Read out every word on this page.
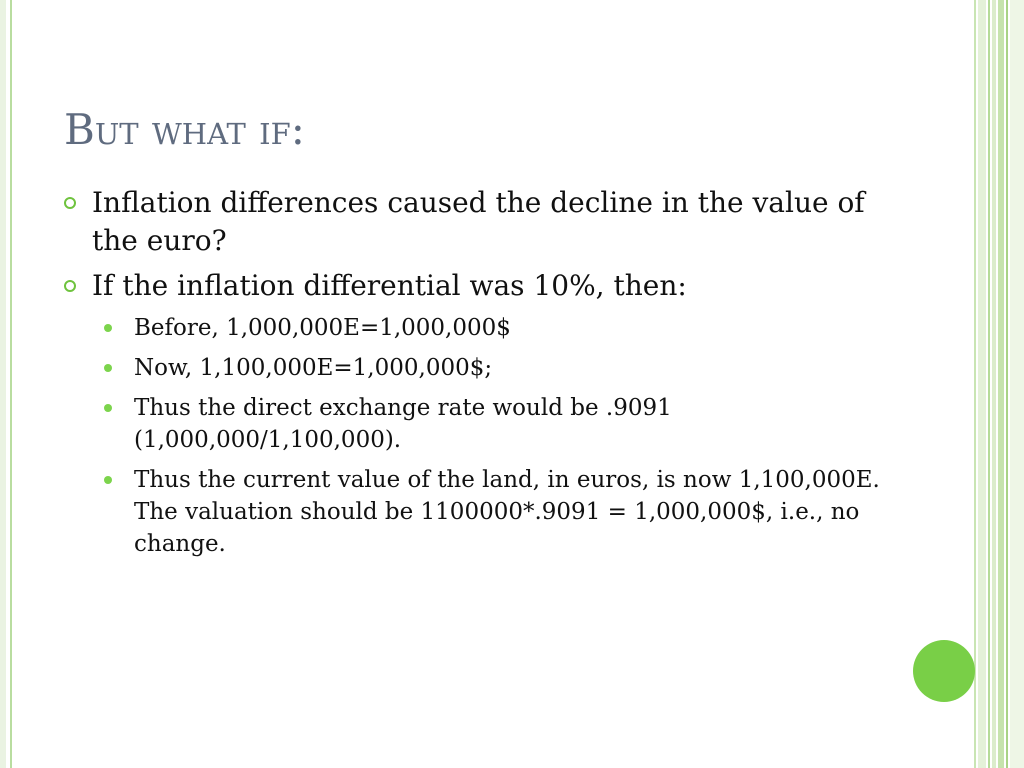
But what if:
Inflation differences caused the decline in the value of the euro?
If the inflation differential was 10%, then:
Before, 1,000,000E=1,000,000$
Now, 1,100,000E=1,000,000$;
Thus the direct exchange rate would be .9091 (1,000,000/1,100,000).
Thus the current value of the land, in euros, is now 1,100,000E. The valuation should be 1100000*.9091 = 1,000,000$, i.e., no change.
